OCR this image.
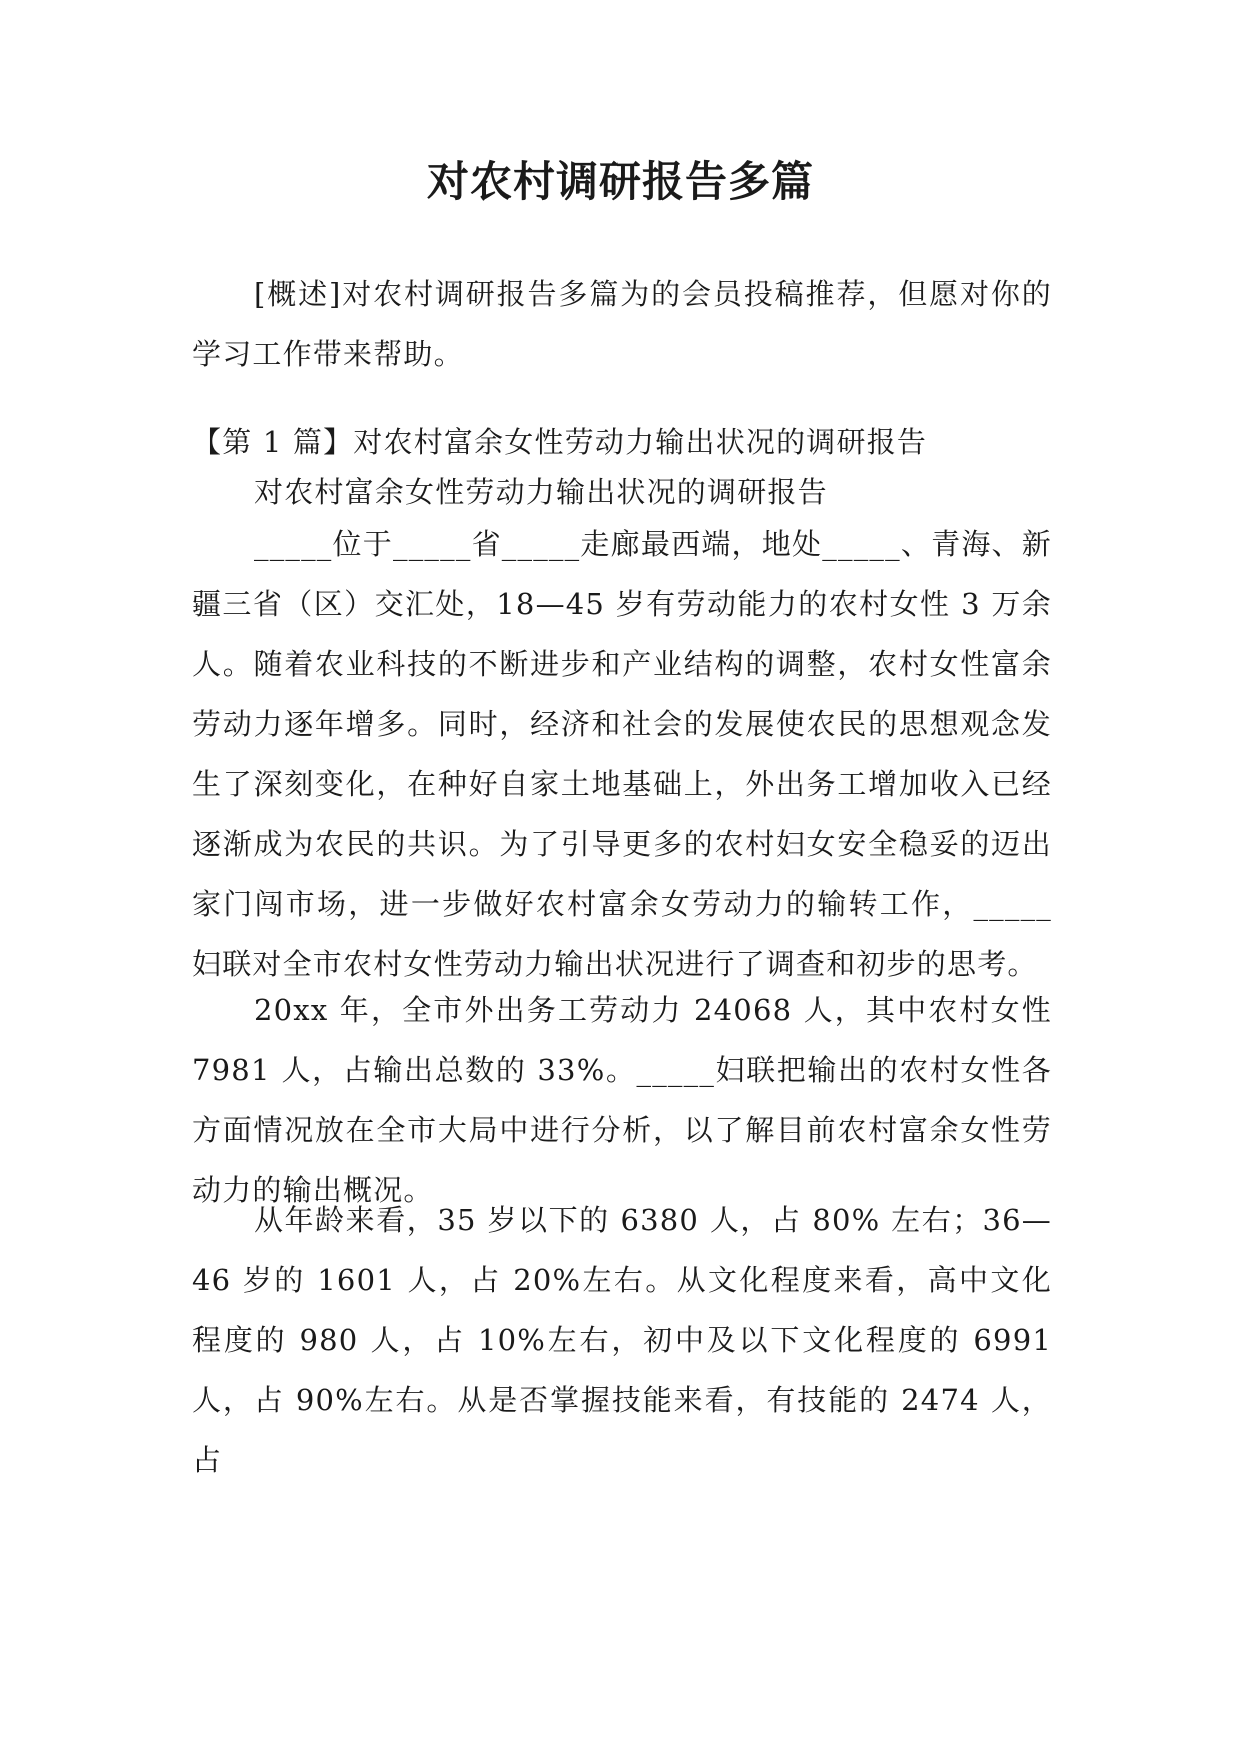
对农村调研报告多篇

[概述]对农村调研报告多篇为的会员投稿推荐，但愿对你的学习工作带来帮助。

【第 1 篇】对农村富余女性劳动力输出状况的调研报告

对农村富余女性劳动力输出状况的调研报告

_____位于_____省_____走廊最西端，地处_____、青海、新疆三省（区）交汇处，18—45 岁有劳动能力的农村女性 3 万余人。随着农业科技的不断进步和产业结构的调整，农村女性富余劳动力逐年增多。同时，经济和社会的发展使农民的思想观念发生了深刻变化，在种好自家土地基础上，外出务工增加收入已经逐渐成为农民的共识。为了引导更多的农村妇女安全稳妥的迈出家门闯市场，进一步做好农村富余女劳动力的输转工作，_____妇联对全市农村女性劳动力输出状况进行了调查和初步的思考。

20xx 年，全市外出务工劳动力 24068 人，其中农村女性 7981 人，占输出总数的 33%。_____妇联把输出的农村女性各方面情况放在全市大局中进行分析，以了解目前农村富余女性劳动力的输出概况。

从年龄来看，35 岁以下的 6380 人，占 80% 左右；36—46 岁的 1601 人，占 20%左右。从文化程度来看，高中文化程度的 980 人，占 10%左右，初中及以下文化程度的 6991 人，占 90%左右。从是否掌握技能来看，有技能的 2474 人，占
